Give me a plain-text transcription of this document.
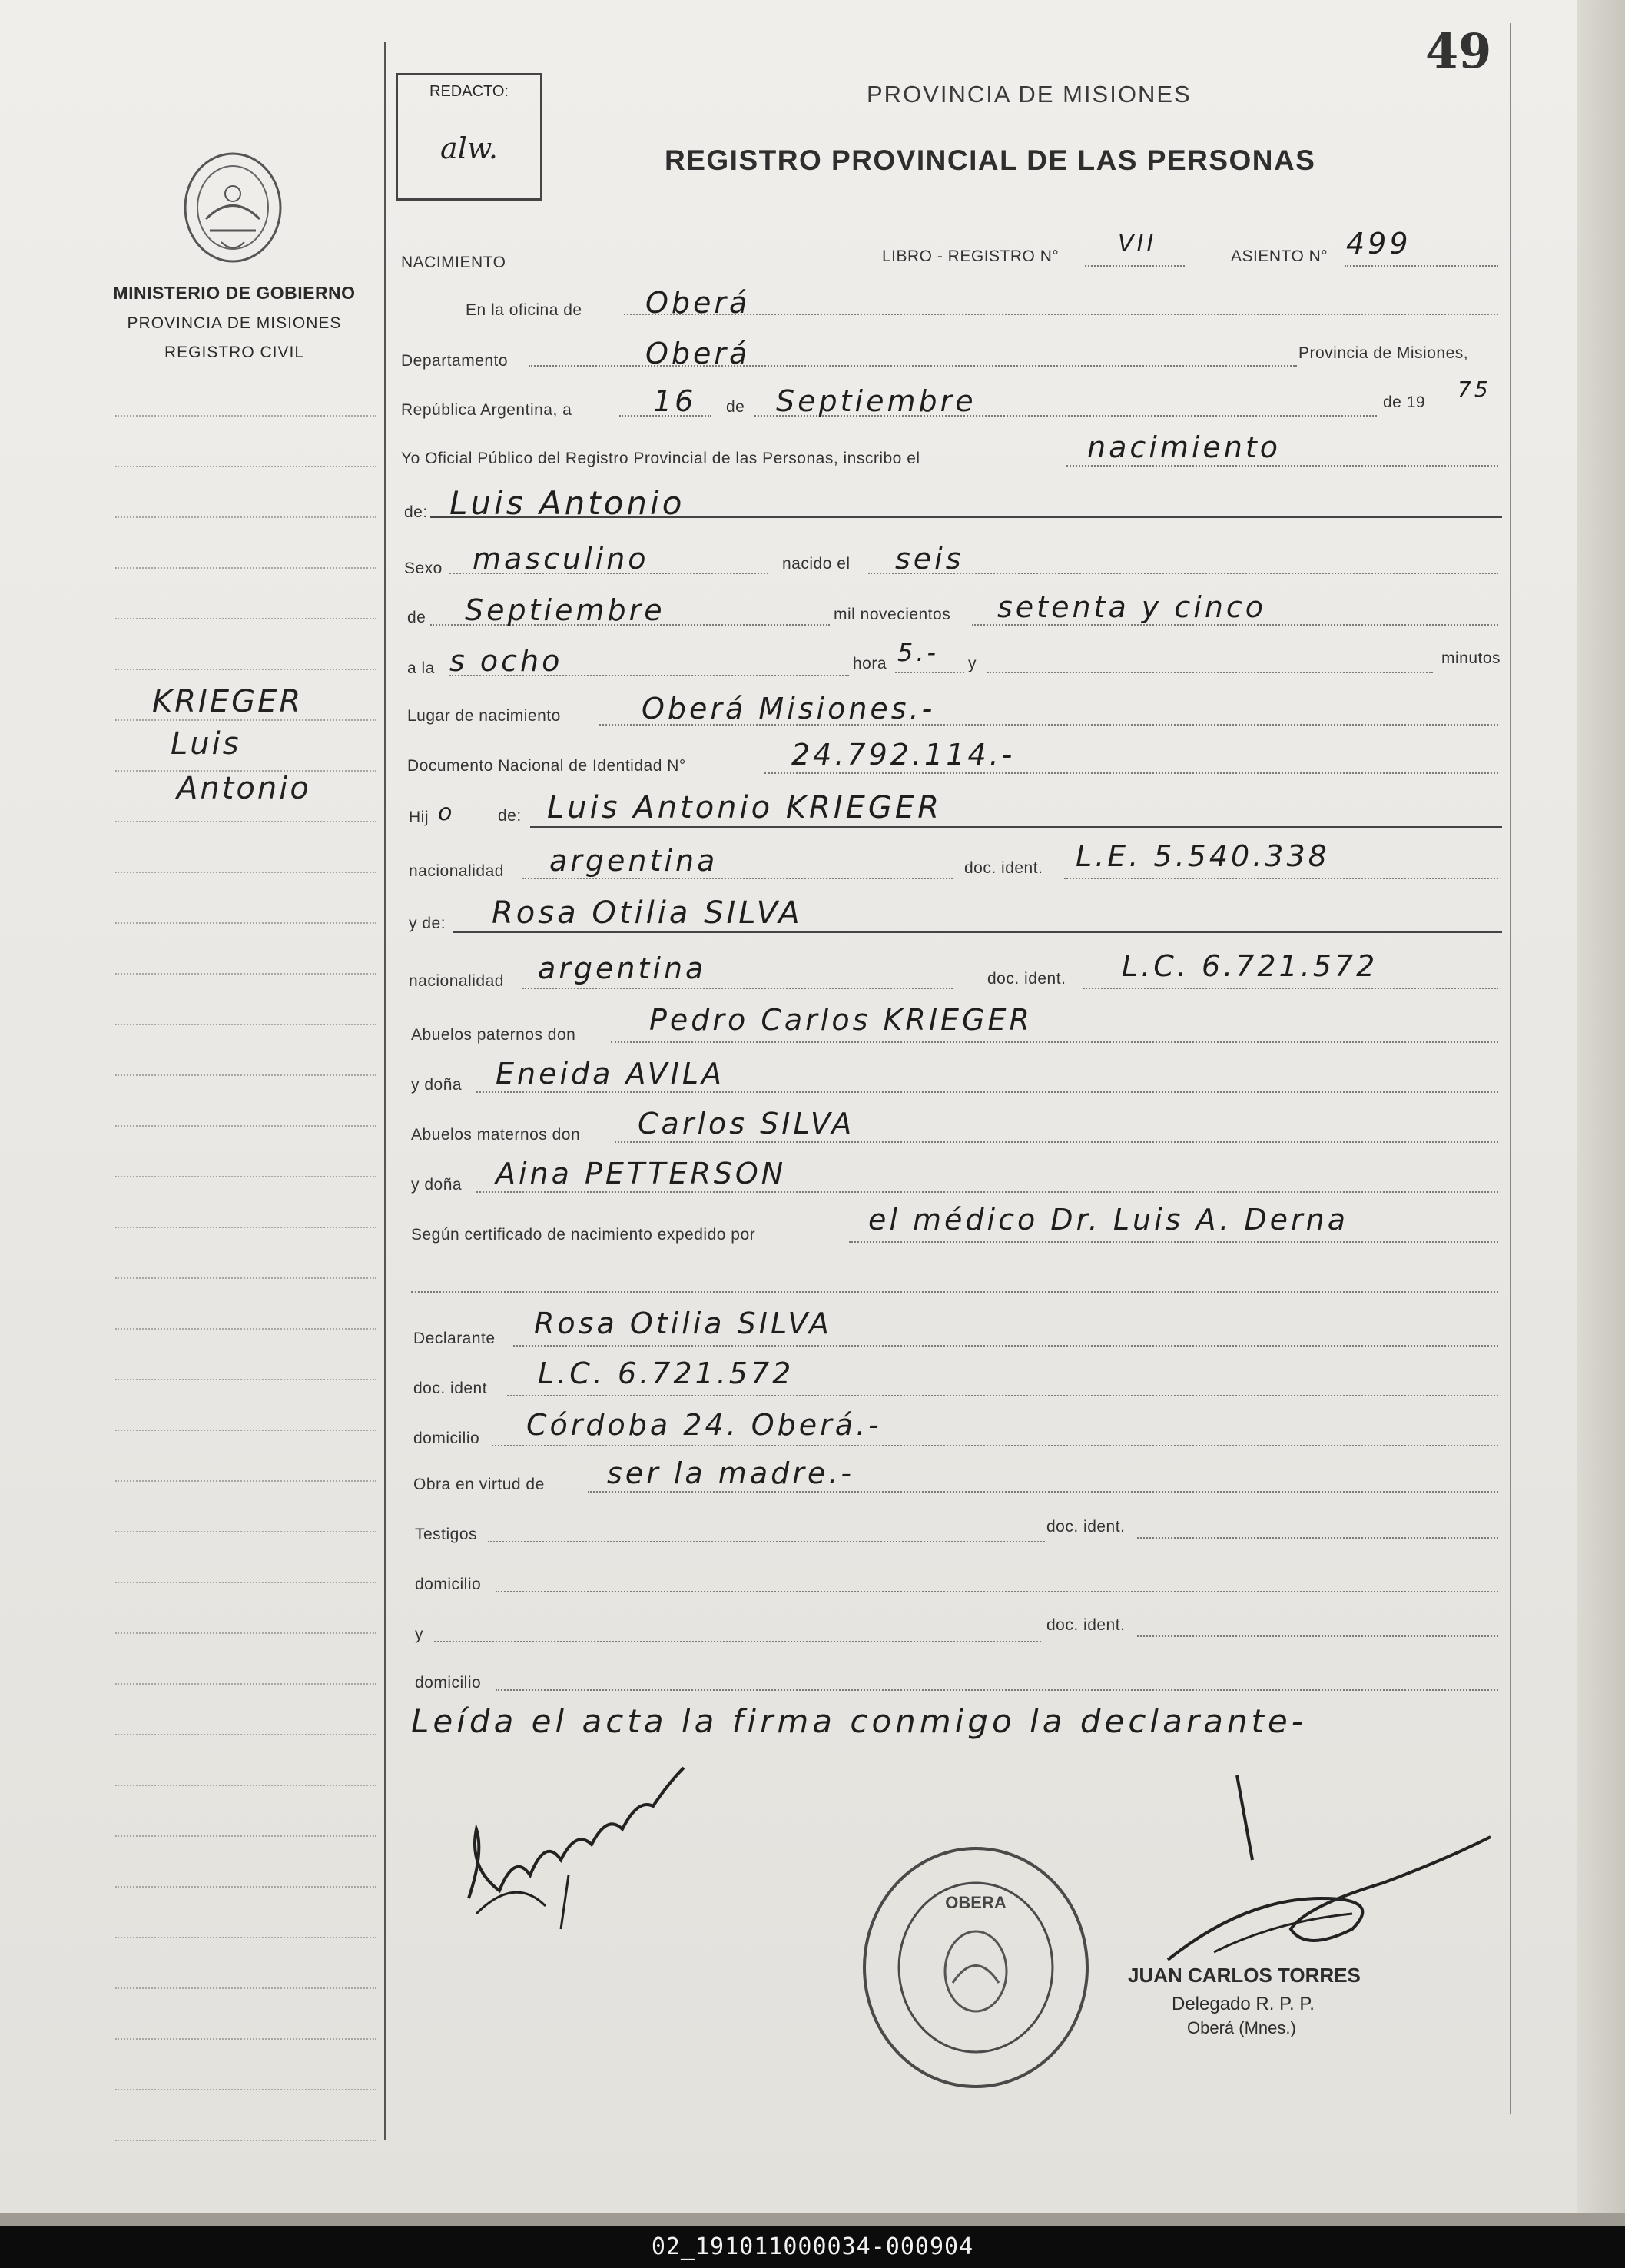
49
MINISTERIO DE GOBIERNO
PROVINCIA DE MISIONES
REGISTRO CIVIL
KRIEGER
Luis
Antonio
REDACTO:
alw.
PROVINCIA DE MISIONES
REGISTRO PROVINCIAL DE LAS PERSONAS
NACIMIENTO	LIBRO - REGISTRO N°	VII	ASIENTO N° 499
En la oficina de Oberá
Departamento	Oberá	Provincia de Misiones,
República Argentina, a	16 de Septiembre	de 19
75
Yo Oficial Público del Registro Provincial de las Personas, inscribo el	nacimiento
de: Luis Antonio
Sexo masculino	nacido el seis
de Septiembre	mil novecientos setenta y cinco
a la s ocho	hora 5.- y	minutos
Lugar de nacimiento	Oberá Misiones.-
Documento Nacional de Identidad N°	24.792.114.-
Hij o	de: Luis Antonio KRIEGER
nacionalidad argentina	doc. ident. L.E. 5.540.338
y de: Rosa Otilia SILVA
nacionalidad argentina	doc. ident. L.C. 6.721.572
Abuelos paternos don	Pedro Carlos KRIEGER
y doña Eneida AVILA
Abuelos maternos don Carlos SILVA
y doña Aina PETTERSON
Según certificado de nacimiento expedido por	el médico Dr. Luis A. Derna
Declarante Rosa Otilia SILVA
doc. ident L.C. 6.721.572
domicilio Córdoba 24. Oberá.-
Obra en virtud de ser la madre.-
Testigos	doc. ident.
domicilio
y
doc. ident.
domicilio
Leída el acta la firma conmigo la declarante-
OBERA
JUAN CARLOS TORRES
Delegado R. P. P.
Oberá (Mnes.)
02_191011000034-000904
